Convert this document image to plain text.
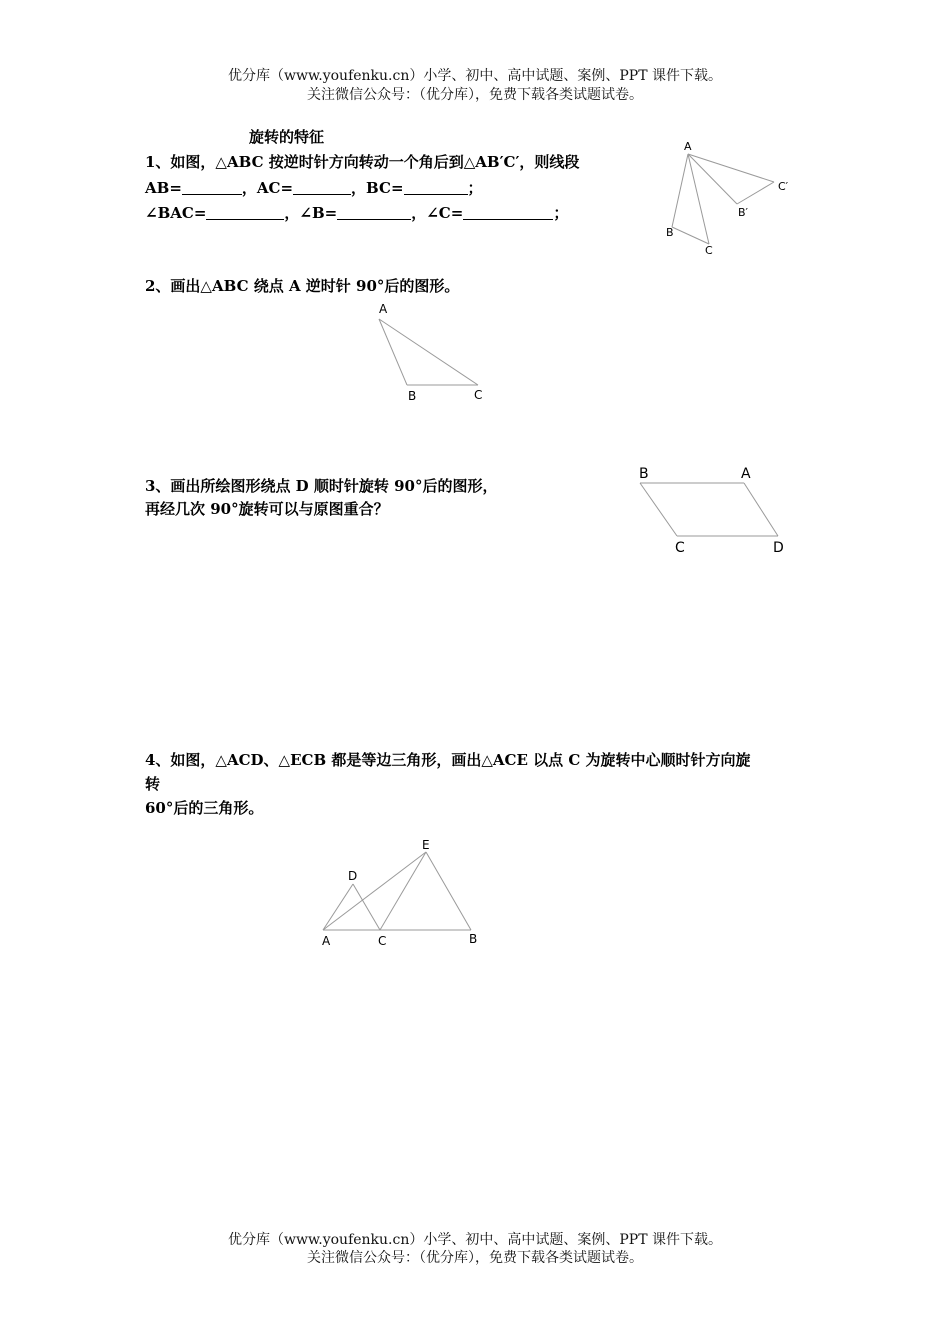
优分库（www.youfenku.cn）小学、初中、高中试题、案例、PPT 课件下载。
关注微信公众号：（优分库），免费下载各类试题试卷。
旋转的特征
1、如图，△ABC 按逆时针方向转动一个角后到△AB′C′，则线段
AB=	，AC=	，BC=	；
∠BAC=	，∠B=	，∠C=	；
A
B
C
B′
C′
A
B	C
B	A
C	D
E
D
A	C	B
2、画出△ABC 绕点 A 逆时针 90°后的图形。
3、画出所绘图形绕点 D 顺时针旋转 90°后的图形，
再经几次 90°旋转可以与原图重合？
4、如图，△ACD、△ECB 都是等边三角形，画出△ACE 以点 C 为旋转中心顺时针方向旋
转
60°后的三角形。
优分库（www.youfenku.cn）小学、初中、高中试题、案例、PPT 课件下载。
关注微信公众号：（优分库），免费下载各类试题试卷。
